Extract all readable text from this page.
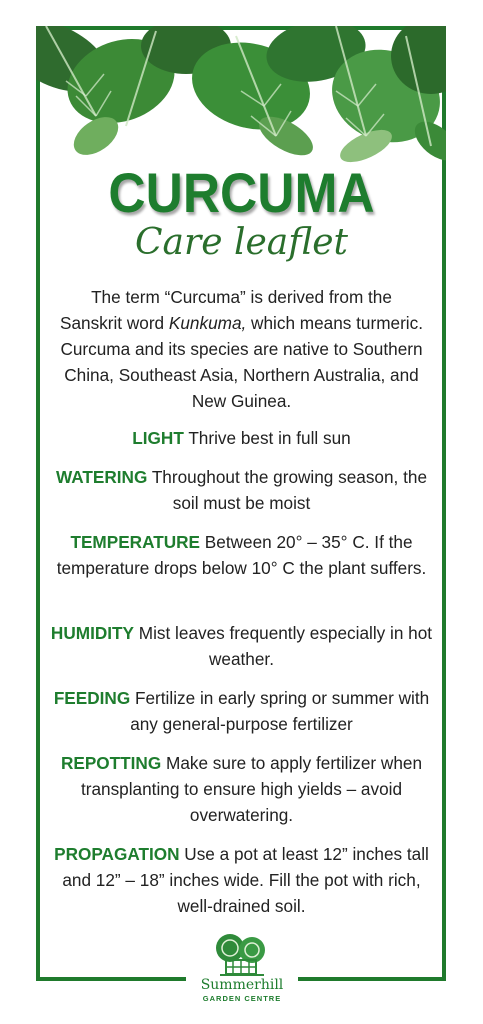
CURCUMA
Care leaflet
The term “Curcuma” is derived from the Sanskrit word Kunkuma, which means turmeric. Curcuma and its species are native to Southern China, Southeast Asia, Northern Australia, and New Guinea.
LIGHT Thrive best in full sun
WATERING Throughout the growing season, the soil must be moist
TEMPERATURE Between 20° – 35° C. If the temperature drops below 10° C the plant suffers.
HUMIDITY Mist leaves frequently especially in hot weather.
FEEDING Fertilize in early spring or summer with any general-purpose fertilizer
REPOTTING Make sure to apply fertilizer when transplanting to ensure high yields – avoid overwatering.
PROPAGATION Use a pot at least 12” inches tall and 12” – 18” inches wide. Fill the pot with rich, well-drained soil.
Summerhill
GARDEN CENTRE
